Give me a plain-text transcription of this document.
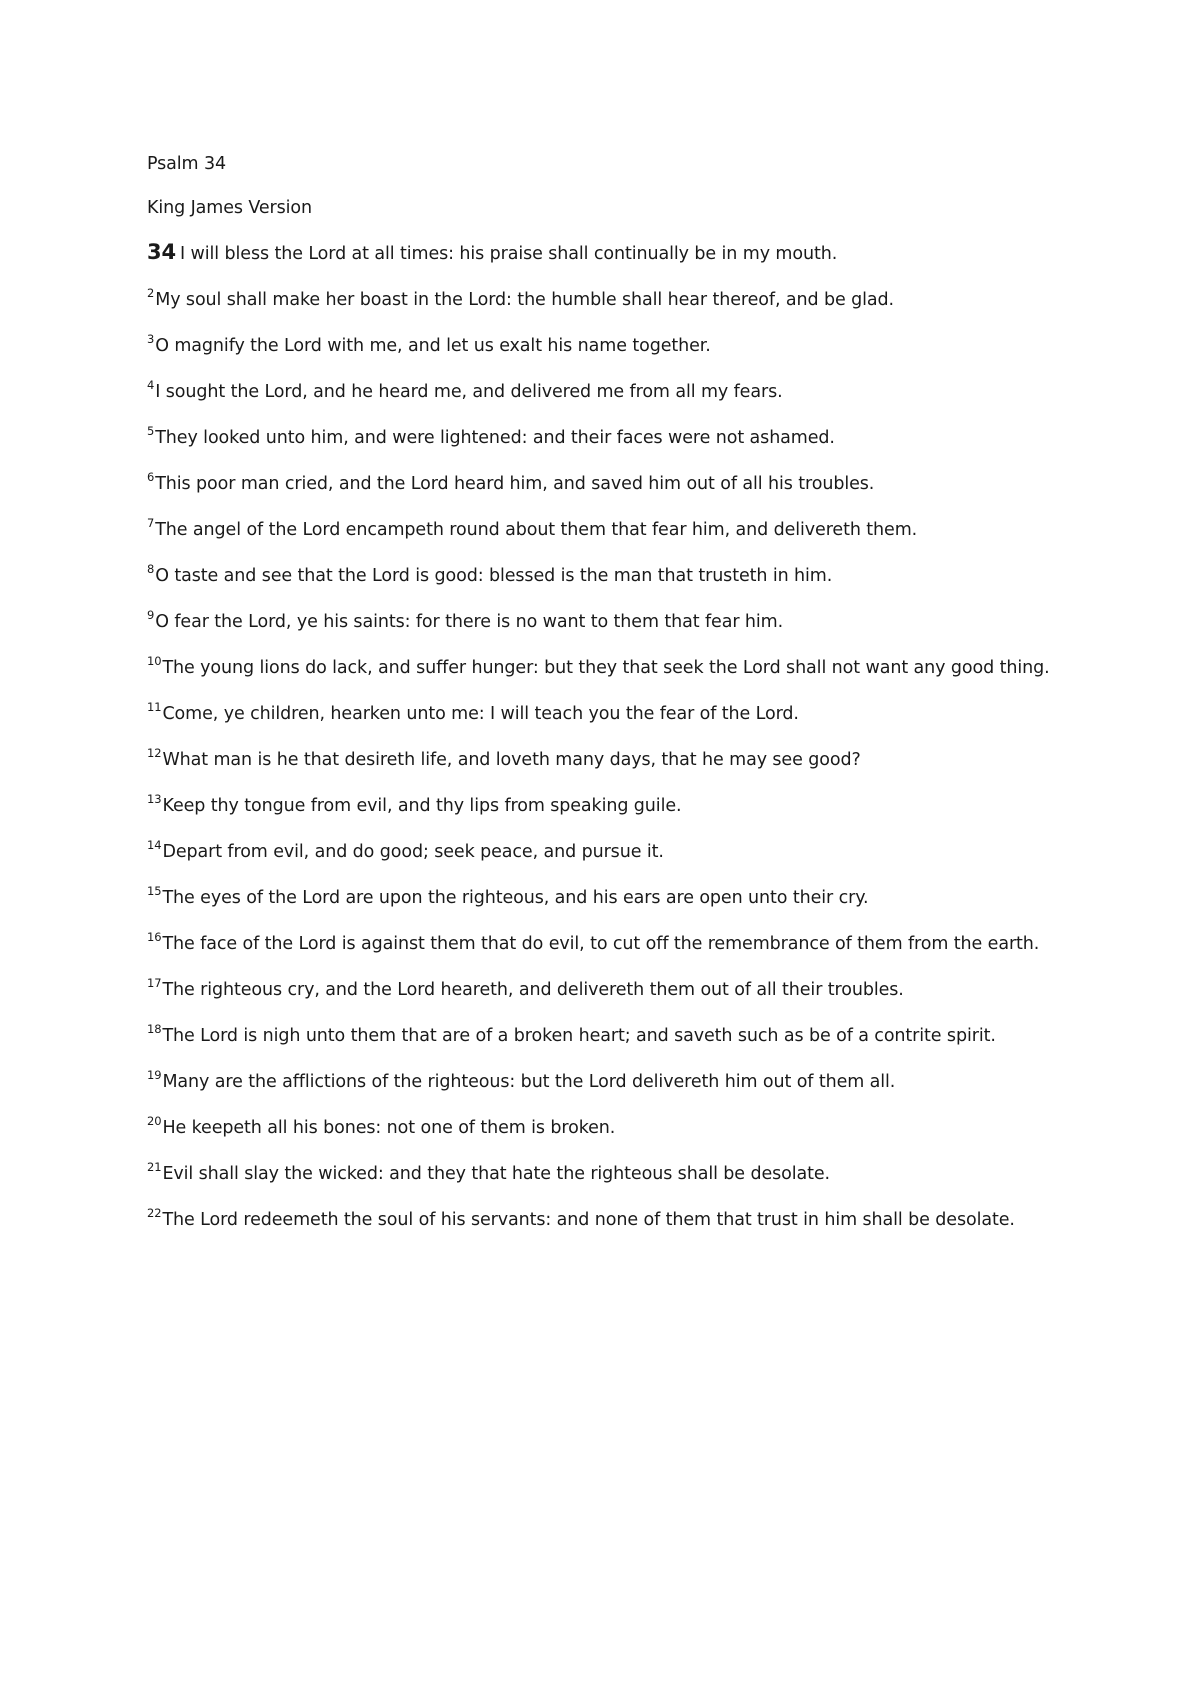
Psalm 34
King James Version
34 I will bless the Lord at all times: his praise shall continually be in my mouth.
$^2$My soul shall make her boast in the Lord: the humble shall hear thereof, and be glad.
$^3$O magnify the Lord with me, and let us exalt his name together.
$^4$I sought the Lord, and he heard me, and delivered me from all my fears.
$^5$They looked unto him, and were lightened: and their faces were not ashamed.
$^6$This poor man cried, and the Lord heard him, and saved him out of all his troubles.
$^7$The angel of the Lord encampeth round about them that fear him, and delivereth them.
$^8$O taste and see that the Lord is good: blessed is the man that trusteth in him.
$^9$O fear the Lord, ye his saints: for there is no want to them that fear him.
$^{10}$The young lions do lack, and suffer hunger: but they that seek the Lord shall not want any good thing.
$^{11}$Come, ye children, hearken unto me: I will teach you the fear of the Lord.
$^{12}$What man is he that desireth life, and loveth many days, that he may see good?
$^{13}$Keep thy tongue from evil, and thy lips from speaking guile.
$^{14}$Depart from evil, and do good; seek peace, and pursue it.
$^{15}$The eyes of the Lord are upon the righteous, and his ears are open unto their cry.
$^{16}$The face of the Lord is against them that do evil, to cut off the remembrance of them from the earth.
$^{17}$The righteous cry, and the Lord heareth, and delivereth them out of all their troubles.
$^{18}$The Lord is nigh unto them that are of a broken heart; and saveth such as be of a contrite spirit.
$^{19}$Many are the afflictions of the righteous: but the Lord delivereth him out of them all.
$^{20}$He keepeth all his bones: not one of them is broken.
$^{21}$Evil shall slay the wicked: and they that hate the righteous shall be desolate.
$^{22}$The Lord redeemeth the soul of his servants: and none of them that trust in him shall be desolate.
